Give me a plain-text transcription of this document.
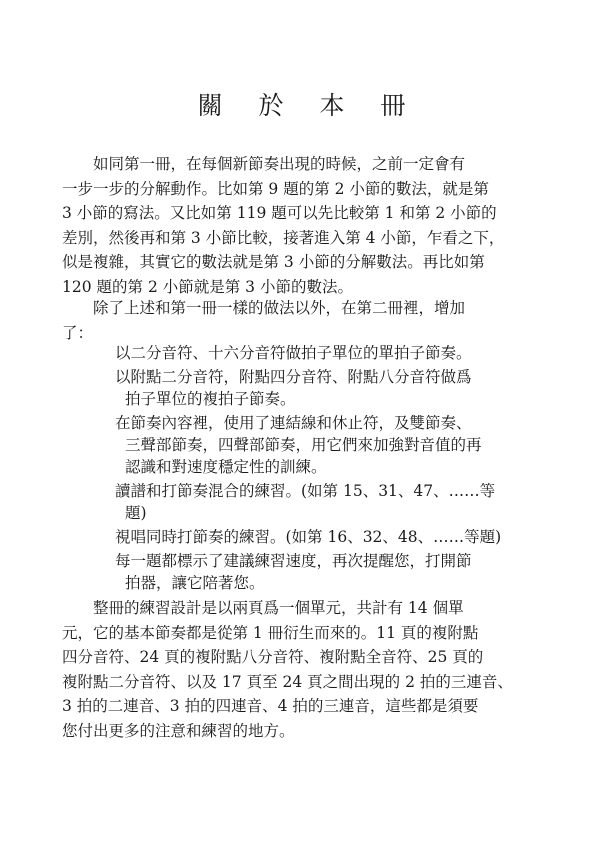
關 於 本 冊
如同第一冊，在每個新節奏出現的時候，之前一定會有
一步一步的分解動作。比如第 9 題的第 2 小節的數法，就是第
3 小節的寫法。又比如第 119 題可以先比較第 1 和第 2 小節的
差別，然後再和第 3 小節比較，接著進入第 4 小節，乍看之下，
似是複雜，其實它的數法就是第 3 小節的分解數法。再比如第
120 題的第 2 小節就是第 3 小節的數法。
除了上述和第一冊一樣的做法以外，在第二冊裡，增加
了：
以二分音符、十六分音符做拍子單位的單拍子節奏。
以附點二分音符，附點四分音符、附點八分音符做爲
拍子單位的複拍子節奏。
在節奏內容裡，使用了連結線和休止符，及雙節奏、
三聲部節奏，四聲部節奏，用它們來加強對音值的再
認識和對速度穩定性的訓練。
讀譜和打節奏混合的練習。(如第 15、31、47、……等
題)
視唱同時打節奏的練習。(如第 16、32、48、……等題)
每一題都標示了建議練習速度，再次提醒您，打開節
拍器，讓它陪著您。
整冊的練習設計是以兩頁爲一個單元，共計有 14 個單
元，它的基本節奏都是從第 1 冊衍生而來的。11 頁的複附點
四分音符、24 頁的複附點八分音符、複附點全音符、25 頁的
複附點二分音符、以及 17 頁至 24 頁之間出現的 2 拍的三連音、
3 拍的二連音、3 拍的四連音、4 拍的三連音，這些都是須要
您付出更多的注意和練習的地方。
